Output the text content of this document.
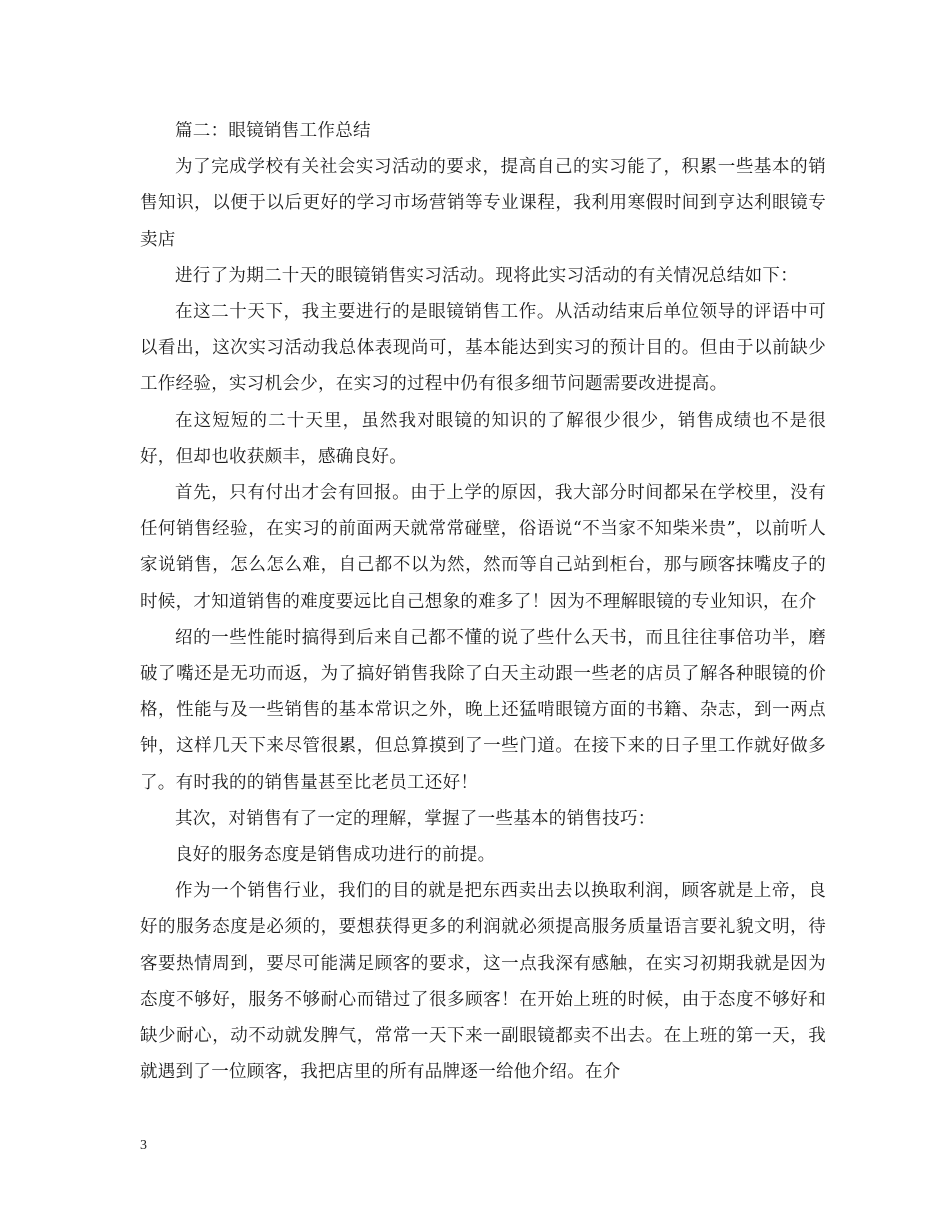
篇二：眼镜销售工作总结

为了完成学校有关社会实习活动的要求，提高自己的实习能了，积累一些基本的销售知识，以便于以后更好的学习市场营销等专业课程，我利用寒假时间到亨达利眼镜专卖店

进行了为期二十天的眼镜销售实习活动。现将此实习活动的有关情况总结如下：

在这二十天下，我主要进行的是眼镜销售工作。从活动结束后单位领导的评语中可以看出，这次实习活动我总体表现尚可，基本能达到实习的预计目的。但由于以前缺少工作经验，实习机会少，在实习的过程中仍有很多细节问题需要改进提高。

在这短短的二十天里，虽然我对眼镜的知识的了解很少很少，销售成绩也不是很好，但却也收获颇丰，感确良好。

首先，只有付出才会有回报。由于上学的原因，我大部分时间都呆在学校里，没有任何销售经验，在实习的前面两天就常常碰壁，俗语说“不当家不知柴米贵”，以前听人家说销售，怎么怎么难，自己都不以为然，然而等自己站到柜台，那与顾客抹嘴皮子的时候，才知道销售的难度要远比自己想象的难多了！因为不理解眼镜的专业知识，在介

绍的一些性能时搞得到后来自己都不懂的说了些什么天书，而且往往事倍功半，磨破了嘴还是无功而返，为了搞好销售我除了白天主动跟一些老的店员了解各种眼镜的价格，性能与及一些销售的基本常识之外，晚上还猛啃眼镜方面的书籍、杂志，到一两点钟，这样几天下来尽管很累，但总算摸到了一些门道。在接下来的日子里工作就好做多了。有时我的的销售量甚至比老员工还好！

其次，对销售有了一定的理解，掌握了一些基本的销售技巧：

良好的服务态度是销售成功进行的前提。

作为一个销售行业，我们的目的就是把东西卖出去以换取利润，顾客就是上帝，良好的服务态度是必须的，要想获得更多的利润就必须提高服务质量语言要礼貌文明，待客要热情周到，要尽可能满足顾客的要求，这一点我深有感触，在实习初期我就是因为态度不够好，服务不够耐心而错过了很多顾客！在开始上班的时候，由于态度不够好和缺少耐心，动不动就发脾气，常常一天下来一副眼镜都卖不出去。在上班的第一天，我就遇到了一位顾客，我把店里的所有品牌逐一给他介绍。在介

3
